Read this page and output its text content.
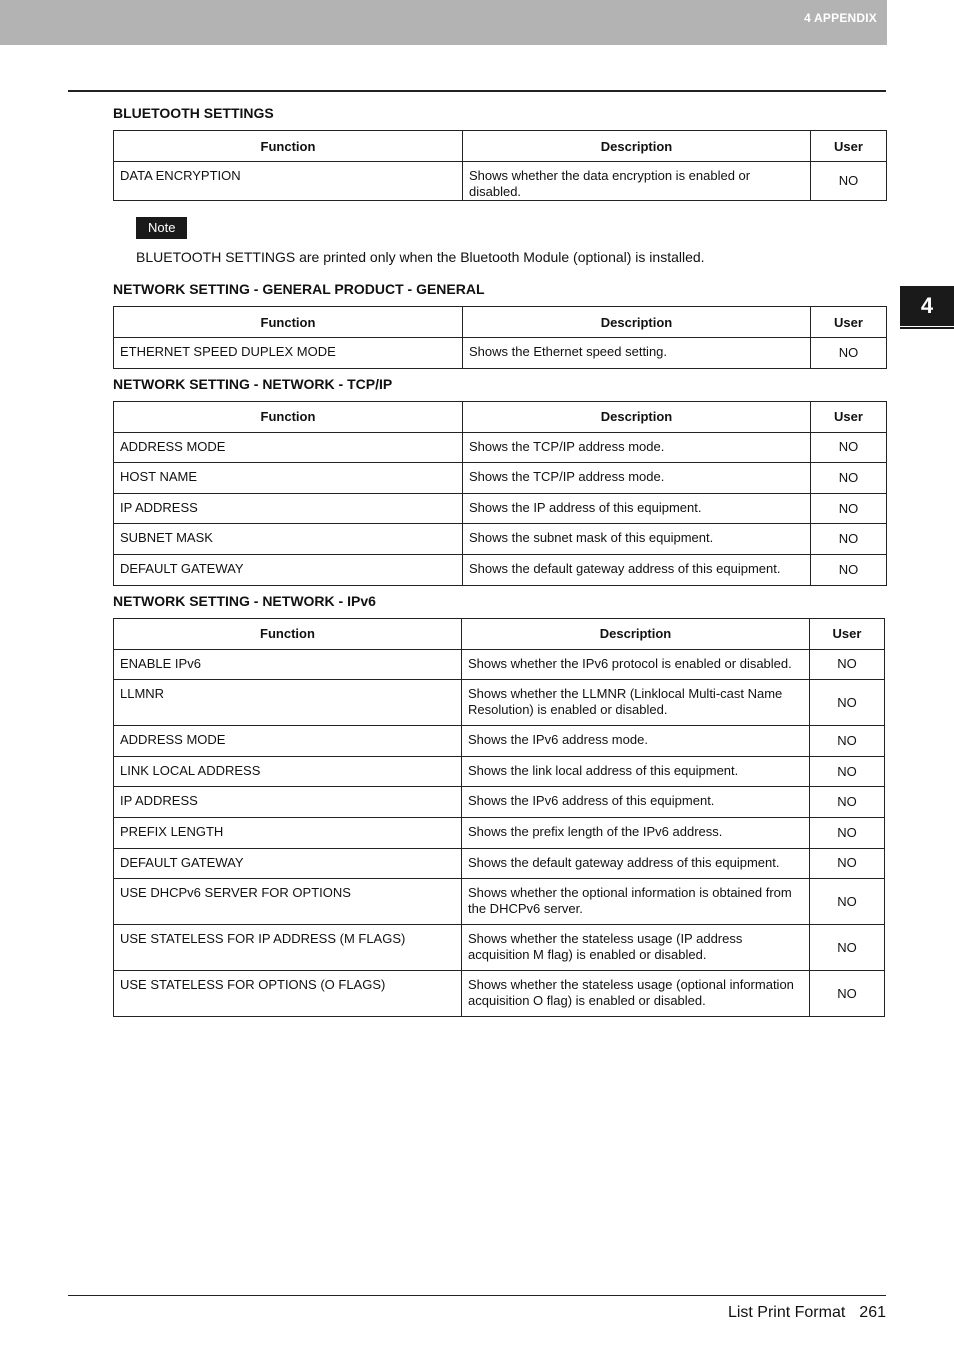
4 APPENDIX
4
BLUETOOTH SETTINGS
Function	Description	User
DATA ENCRYPTION	Shows whether the data encryption is enabled or disabled.	NO
Note
BLUETOOTH SETTINGS are printed only when the Bluetooth Module (optional) is installed.
NETWORK SETTING - GENERAL PRODUCT - GENERAL
Function	Description	User
ETHERNET SPEED DUPLEX MODE	Shows the Ethernet speed setting.	NO
NETWORK SETTING - NETWORK - TCP/IP
Function	Description	User
ADDRESS MODE	Shows the TCP/IP address mode.	NO
HOST NAME	Shows the TCP/IP address mode.	NO
IP ADDRESS	Shows the IP address of this equipment.	NO
SUBNET MASK	Shows the subnet mask of this equipment.	NO
DEFAULT GATEWAY	Shows the default gateway address of this equipment.	NO
NETWORK SETTING - NETWORK - IPv6
Function	Description	User
ENABLE IPv6	Shows whether the IPv6 protocol is enabled or disabled.	NO
LLMNR	Shows whether the LLMNR (Linklocal Multi-cast Name Resolution) is enabled or disabled.	NO
ADDRESS MODE	Shows the IPv6 address mode.	NO
LINK LOCAL ADDRESS	Shows the link local address of this equipment.	NO
IP ADDRESS	Shows the IPv6 address of this equipment.	NO
PREFIX LENGTH	Shows the prefix length of the IPv6 address.	NO
DEFAULT GATEWAY	Shows the default gateway address of this equipment.	NO
USE DHCPv6 SERVER FOR OPTIONS	Shows whether the optional information is obtained from the DHCPv6 server.	NO
USE STATELESS FOR IP ADDRESS (M FLAGS)	Shows whether the stateless usage (IP address acquisition M flag) is enabled or disabled.	NO
USE STATELESS FOR OPTIONS (O FLAGS)	Shows whether the stateless usage (optional information acquisition O flag) is enabled or disabled.	NO
List Print Format 261
